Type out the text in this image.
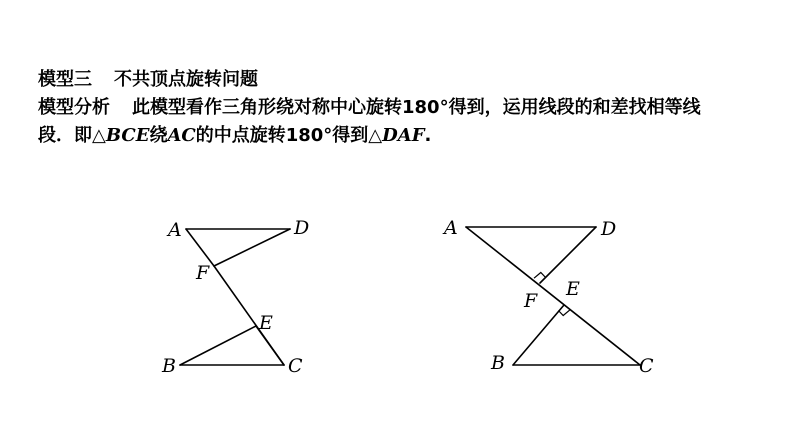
模型三 不共顶点旋转问题
模型分析 此模型看作三角形绕对称中心旋转180°得到，运用线段的和差找相等线
段．即△BCE绕AC的中点旋转180°得到△DAF.
A	D
F
E
B	C
A	D
F
E
B	C
